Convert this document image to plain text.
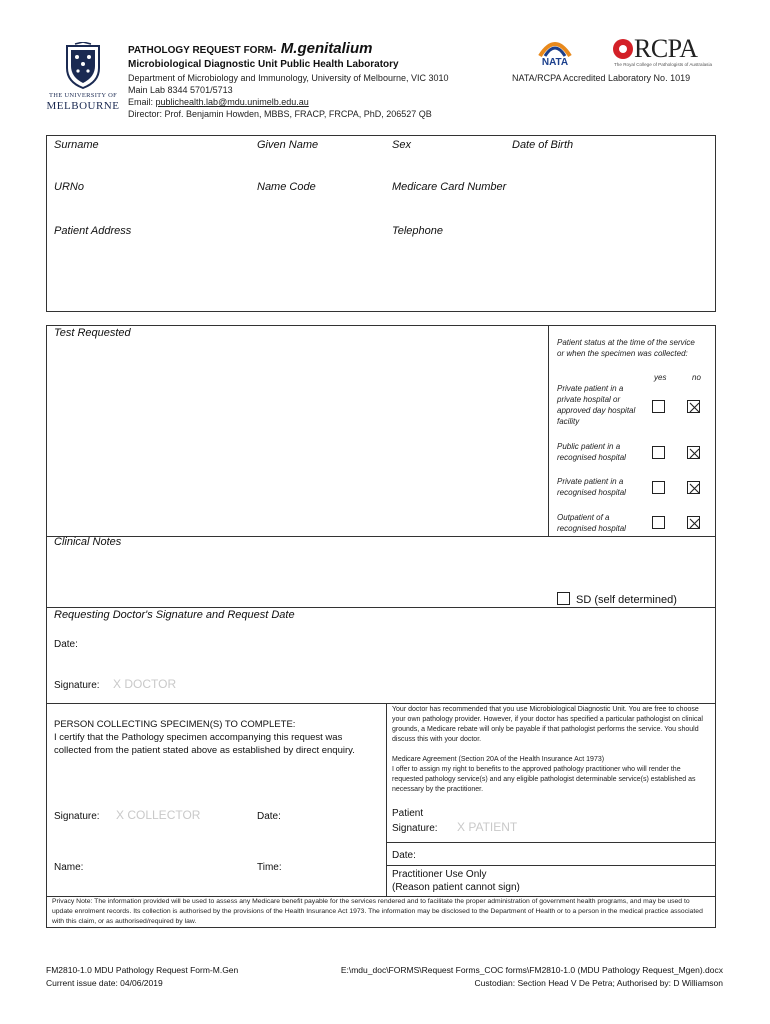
THE UNIVERSITY OF
MELBOURNE
PATHOLOGY REQUEST FORM- M.genitalium
Microbiological Diagnostic Unit Public Health Laboratory
Department of Microbiology and Immunology, University of Melbourne, VIC 3010
Main Lab 8344 5701/5713
Email: publichealth.lab@mdu.unimelb.edu.au
Director: Prof. Benjamin Howden, MBBS, FRACP, FRCPA, PhD, 206527 QB
NATA	RCPA
The Royal College of Pathologists of Australasia
NATA/RCPA Accredited Laboratory No. 1019
Surname	Given Name	Sex	Date of Birth
URNo	Name Code	Medicare Card Number
Patient Address	Telephone
Test Requested
Patient status at the time of the service or when the specimen was collected:
yes	no
Private patient in a private hospital or approved day hospital facility
Public patient in a recognised hospital
Private patient in a recognised hospital
Outpatient of a recognised hospital
Clinical Notes
SD (self determined)
Requesting Doctor's Signature and Request Date
Date:
Signature: X DOCTOR
PERSON COLLECTING SPECIMEN(S) TO COMPLETE:
I certify that the Pathology specimen accompanying this request was collected from the patient stated above as established by direct enquiry.
Signature: X COLLECTOR	Date:
Name:	Time:
Your doctor has recommended that you use Microbiological Diagnostic Unit. You are free to choose your own pathology provider. However, if your doctor has specified a particular pathologist on clinical grounds, a Medicare rebate will only be payable if that pathologist performs the service. You should discuss this with your doctor.
Medicare Agreement (Section 20A of the Health Insurance Act 1973)
I offer to assign my right to benefits to the approved pathology practitioner who will render the requested pathology service(s) and any eligible pathologist determinable service(s) established as necessary by the practitioner.
Patient
Signature: X PATIENT
Date:
Practitioner Use Only
(Reason patient cannot sign)
Privacy Note: The information provided will be used to assess any Medicare benefit payable for the services rendered and to facilitate the proper administration of government health programs, and may be used to update enrolment records. Its collection is authorised by the provisions of the Health Insurance Act 1973. The information may be disclosed to the Department of Health or to a person in the medical practice associated with this claim, or as authorised/required by law.
FM2810-1.0 MDU Pathology Request Form-M.Gen
Current issue date: 04/06/2019
E:\mdu_doc\FORMS\Request Forms_COC forms\FM2810-1.0 (MDU Pathology Request_Mgen).docx
Custodian: Section Head V De Petra; Authorised by: D Williamson
